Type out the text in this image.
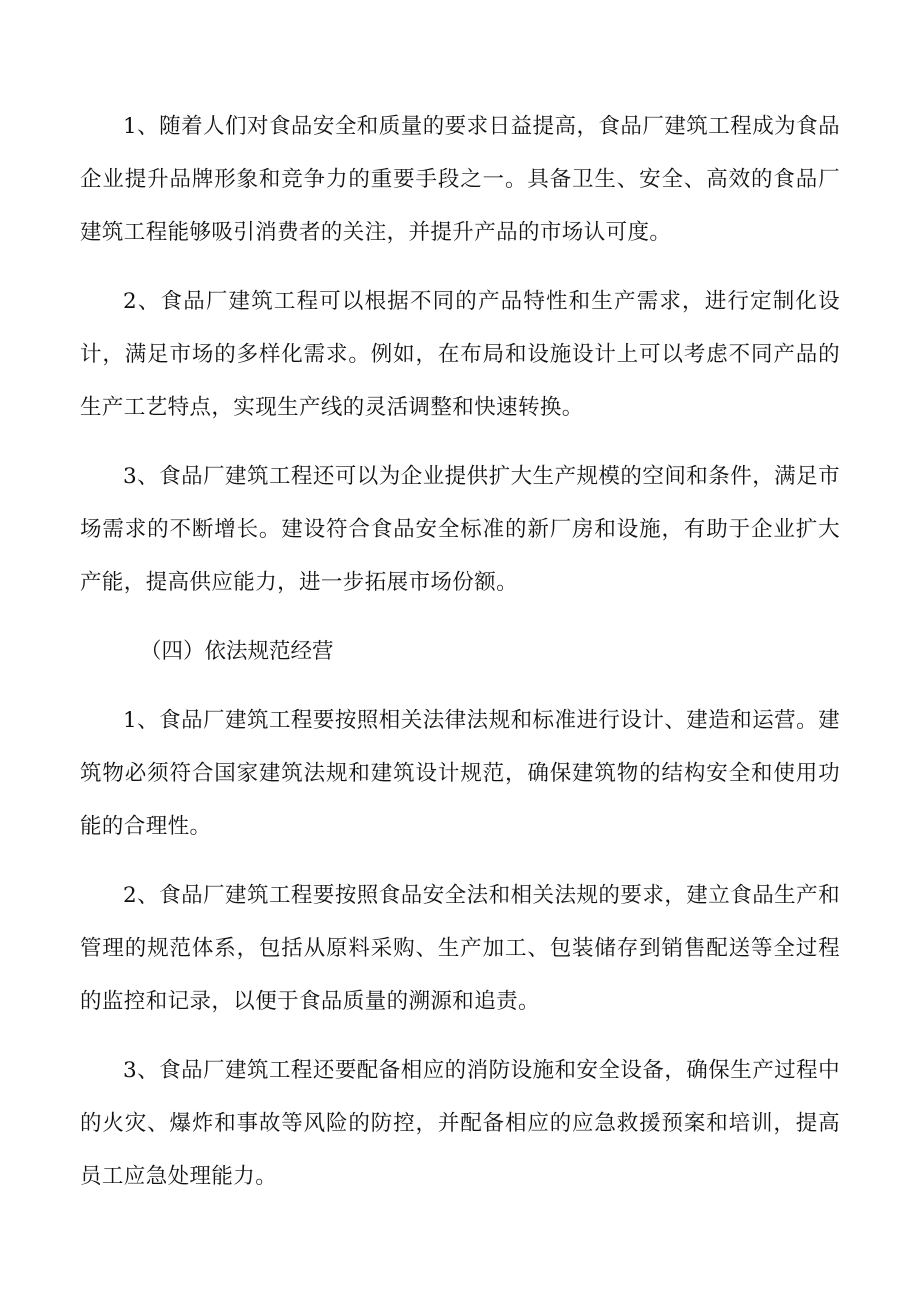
1、随着人们对食品安全和质量的要求日益提高，食品厂建筑工程成为食品企业提升品牌形象和竞争力的重要手段之一。具备卫生、安全、高效的食品厂建筑工程能够吸引消费者的关注，并提升产品的市场认可度。

2、食品厂建筑工程可以根据不同的产品特性和生产需求，进行定制化设计，满足市场的多样化需求。例如，在布局和设施设计上可以考虑不同产品的生产工艺特点，实现生产线的灵活调整和快速转换。

3、食品厂建筑工程还可以为企业提供扩大生产规模的空间和条件，满足市场需求的不断增长。建设符合食品安全标准的新厂房和设施，有助于企业扩大产能，提高供应能力，进一步拓展市场份额。

（四）依法规范经营

1、食品厂建筑工程要按照相关法律法规和标准进行设计、建造和运营。建筑物必须符合国家建筑法规和建筑设计规范，确保建筑物的结构安全和使用功能的合理性。

2、食品厂建筑工程要按照食品安全法和相关法规的要求，建立食品生产和管理的规范体系，包括从原料采购、生产加工、包装储存到销售配送等全过程的监控和记录，以便于食品质量的溯源和追责。

3、食品厂建筑工程还要配备相应的消防设施和安全设备，确保生产过程中的火灾、爆炸和事故等风险的防控，并配备相应的应急救援预案和培训，提高员工应急处理能力。
